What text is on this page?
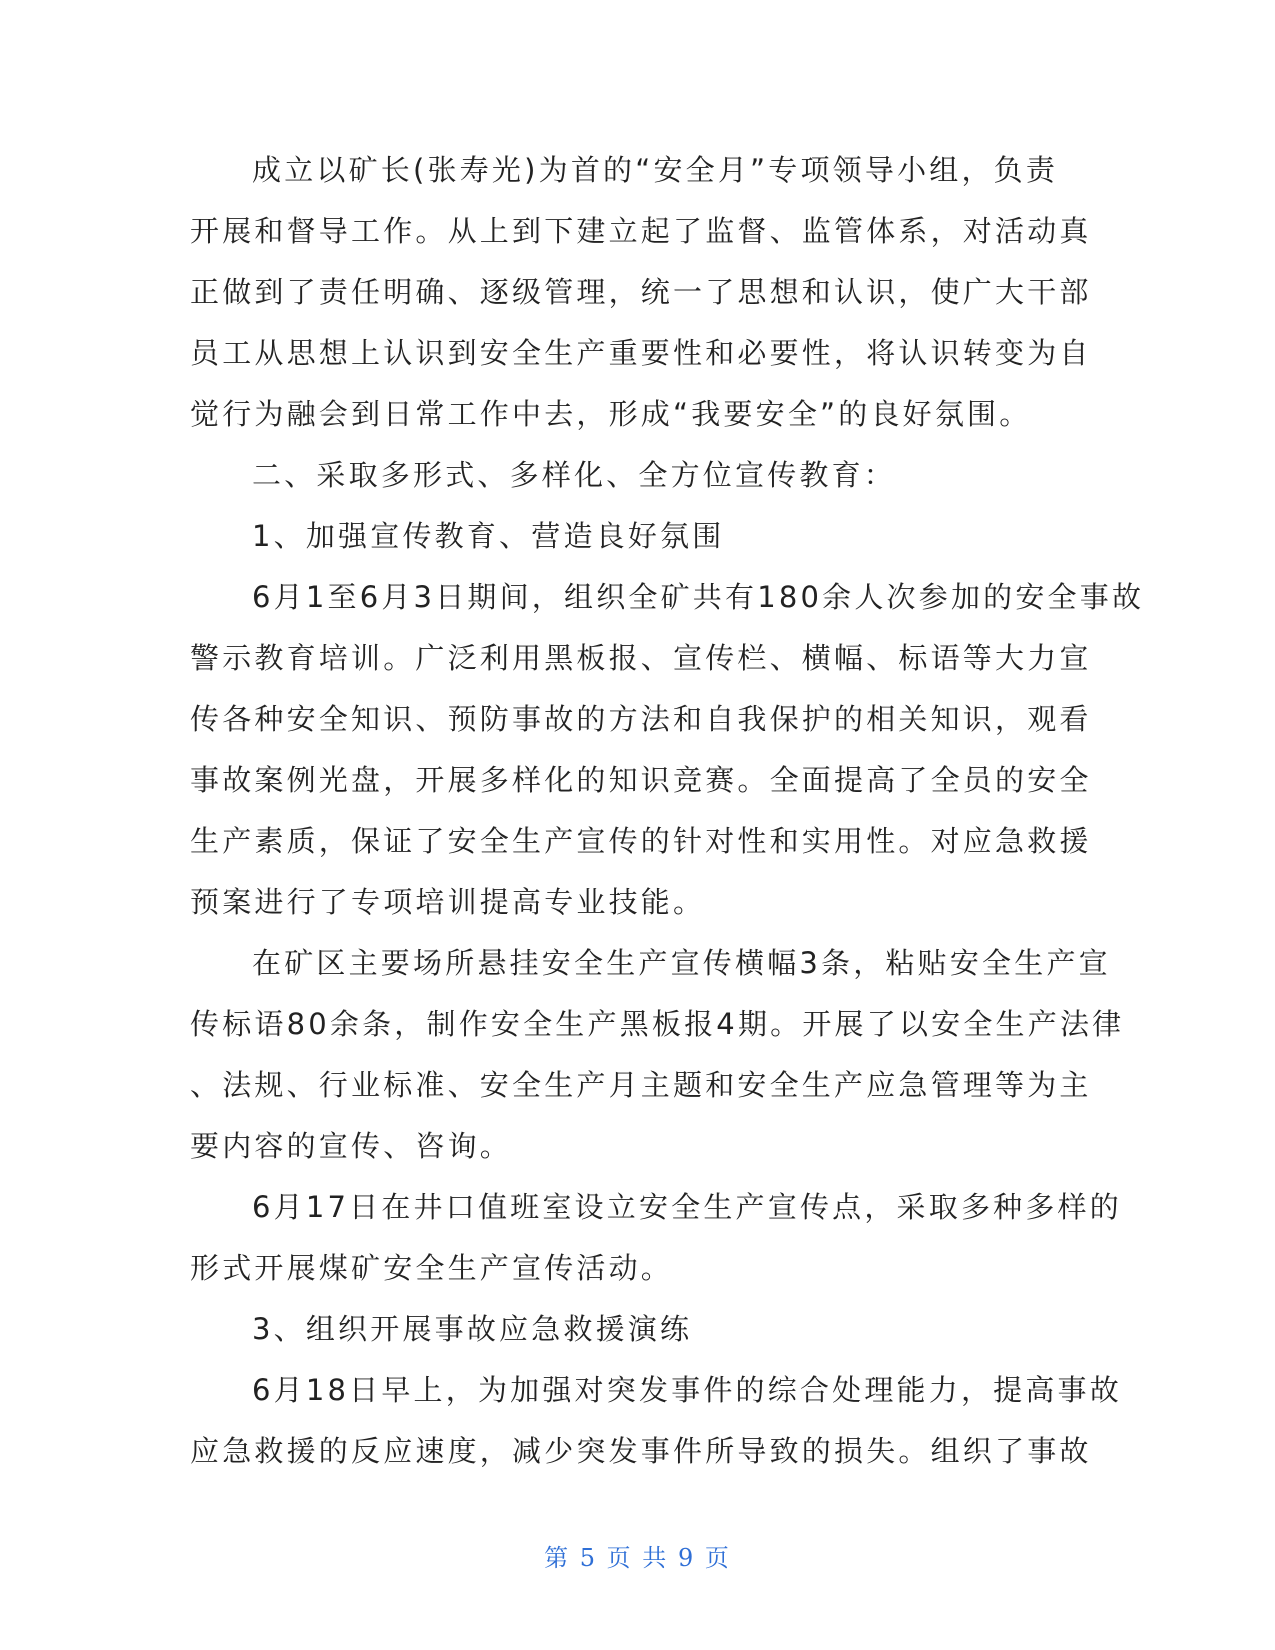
成立以矿长(张寿光)为首的“安全月”专项领导小组，负责
开展和督导工作。从上到下建立起了监督、监管体系，对活动真
正做到了责任明确、逐级管理，统一了思想和认识，使广大干部
员工从思想上认识到安全生产重要性和必要性，将认识转变为自
觉行为融会到日常工作中去，形成“我要安全”的良好氛围。
二、采取多形式、多样化、全方位宣传教育：
1、加强宣传教育、营造良好氛围
6月1至6月3日期间，组织全矿共有180余人次参加的安全事故
警示教育培训。广泛利用黑板报、宣传栏、横幅、标语等大力宣
传各种安全知识、预防事故的方法和自我保护的相关知识，观看
事故案例光盘，开展多样化的知识竞赛。全面提高了全员的安全
生产素质，保证了安全生产宣传的针对性和实用性。对应急救援
预案进行了专项培训提高专业技能。
在矿区主要场所悬挂安全生产宣传横幅3条，粘贴安全生产宣
传标语80余条，制作安全生产黑板报4期。开展了以安全生产法律
、法规、行业标准、安全生产月主题和安全生产应急管理等为主
要内容的宣传、咨询。
6月17日在井口值班室设立安全生产宣传点，采取多种多样的
形式开展煤矿安全生产宣传活动。
3、组织开展事故应急救援演练
6月18日早上，为加强对突发事件的综合处理能力，提高事故
应急救援的反应速度，减少突发事件所导致的损失。组织了事故
第 5 页 共 9 页
